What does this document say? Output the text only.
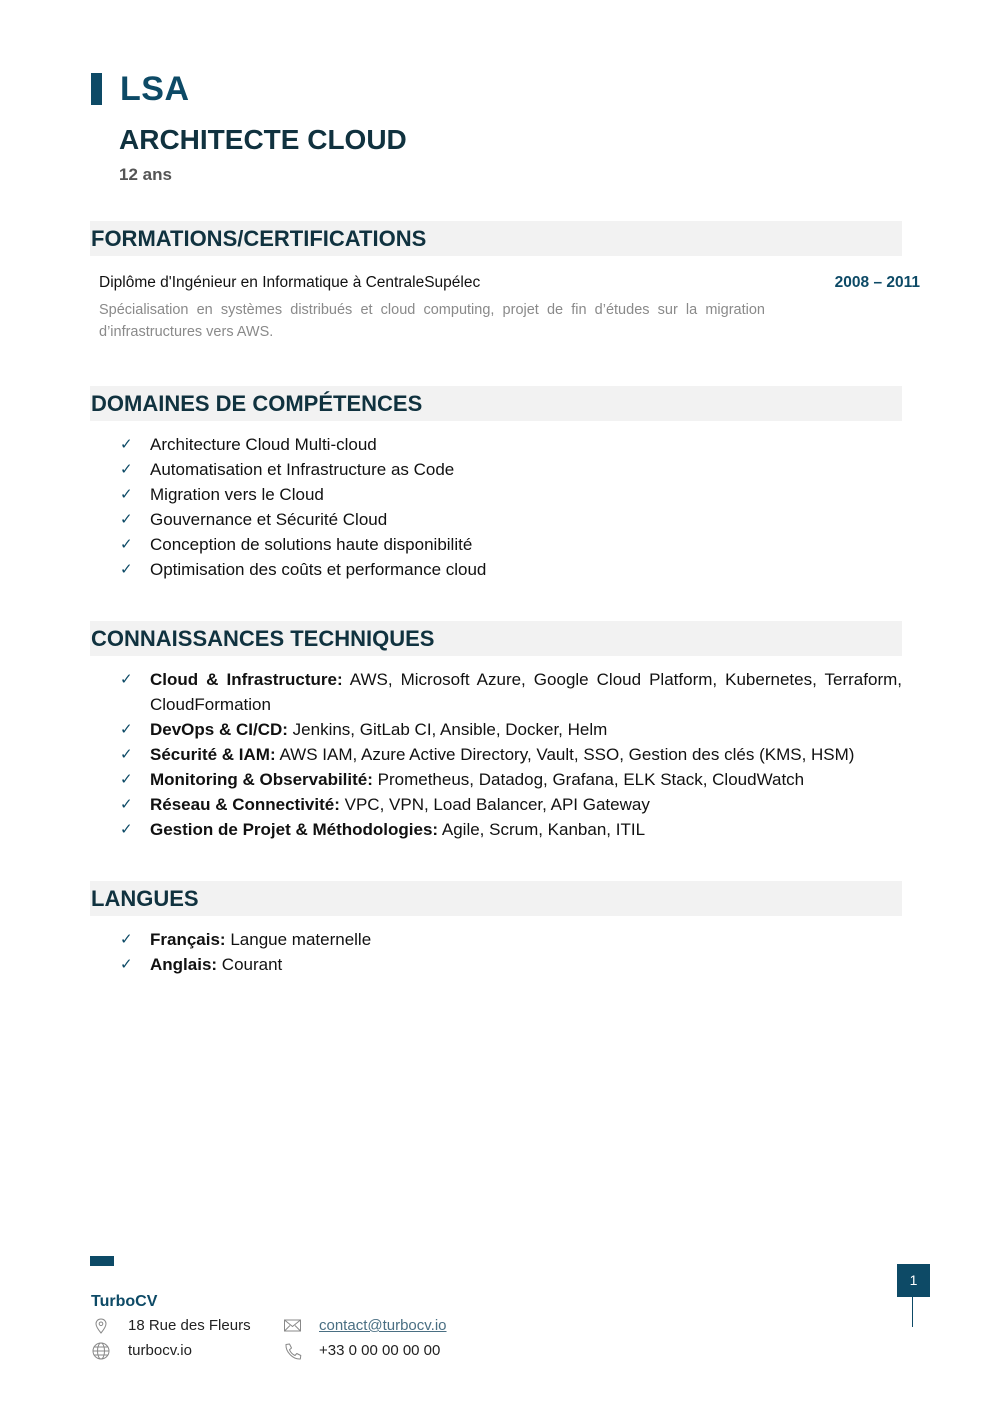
LSA
ARCHITECTE CLOUD
12 ans
FORMATIONS/CERTIFICATIONS
Diplôme d'Ingénieur en Informatique à CentraleSupélec	2008 – 2011
Spécialisation en systèmes distribués et cloud computing, projet de fin d’études sur la migration d’infrastructures vers AWS.
DOMAINES DE COMPÉTENCES
✓ Architecture Cloud Multi-cloud
✓ Automatisation et Infrastructure as Code
✓ Migration vers le Cloud
✓ Gouvernance et Sécurité Cloud
✓ Conception de solutions haute disponibilité
✓ Optimisation des coûts et performance cloud
CONNAISSANCES TECHNIQUES
✓ Cloud & Infrastructure: AWS, Microsoft Azure, Google Cloud Platform, Kubernetes, Terraform, CloudFormation
✓ DevOps & CI/CD: Jenkins, GitLab CI, Ansible, Docker, Helm
✓ Sécurité & IAM: AWS IAM, Azure Active Directory, Vault, SSO, Gestion des clés (KMS, HSM)
✓ Monitoring & Observabilité: Prometheus, Datadog, Grafana, ELK Stack, CloudWatch
✓ Réseau & Connectivité: VPC, VPN, Load Balancer, API Gateway
✓ Gestion de Projet & Méthodologies: Agile, Scrum, Kanban, ITIL
LANGUES
✓ Français: Langue maternelle
✓ Anglais: Courant
TurboCV
18 Rue des Fleurs
turbocv.io
contact@turbocv.io
+33 0 00 00 00 00
1
